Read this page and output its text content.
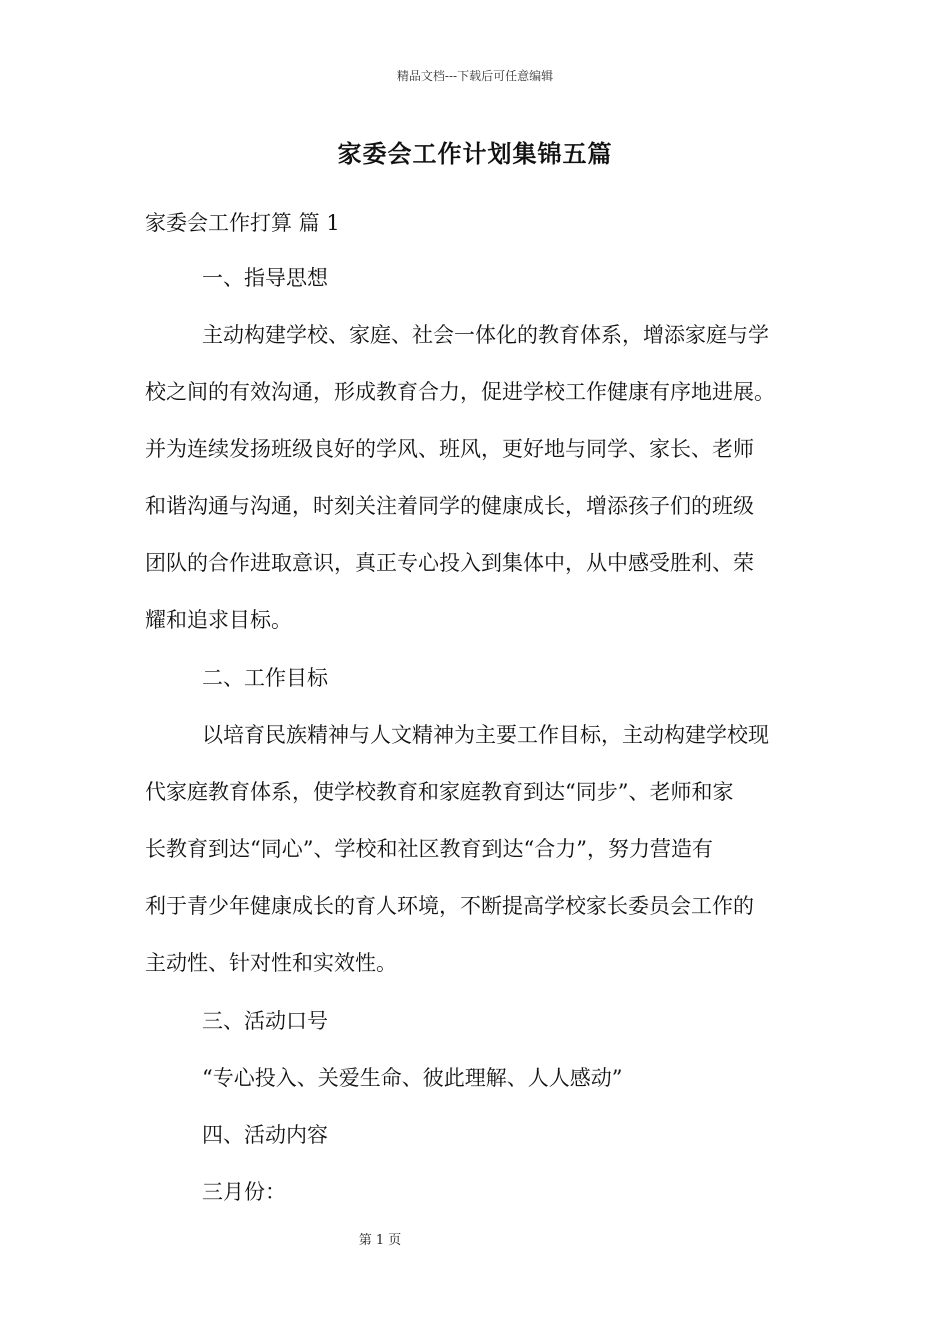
精品文档---下载后可任意编辑
家委会工作计划集锦五篇
家委会工作打算 篇 1
一、指导思想
主动构建学校、家庭、社会一体化的教育体系，增添家庭与学
校之间的有效沟通，形成教育合力，促进学校工作健康有序地进展。
并为连续发扬班级良好的学风、班风，更好地与同学、家长、老师
和谐沟通与沟通，时刻关注着同学的健康成长，增添孩子们的班级
团队的合作进取意识，真正专心投入到集体中，从中感受胜利、荣
耀和追求目标。
二、工作目标
以培育民族精神与人文精神为主要工作目标，主动构建学校现
代家庭教育体系，使学校教育和家庭教育到达“同步”、老师和家
长教育到达“同心”、学校和社区教育到达“合力”，努力营造有
利于青少年健康成长的育人环境，不断提高学校家长委员会工作的
主动性、针对性和实效性。
三、活动口号
“专心投入、关爱生命、彼此理解、人人感动”
四、活动内容
三月份：
第 1 页
